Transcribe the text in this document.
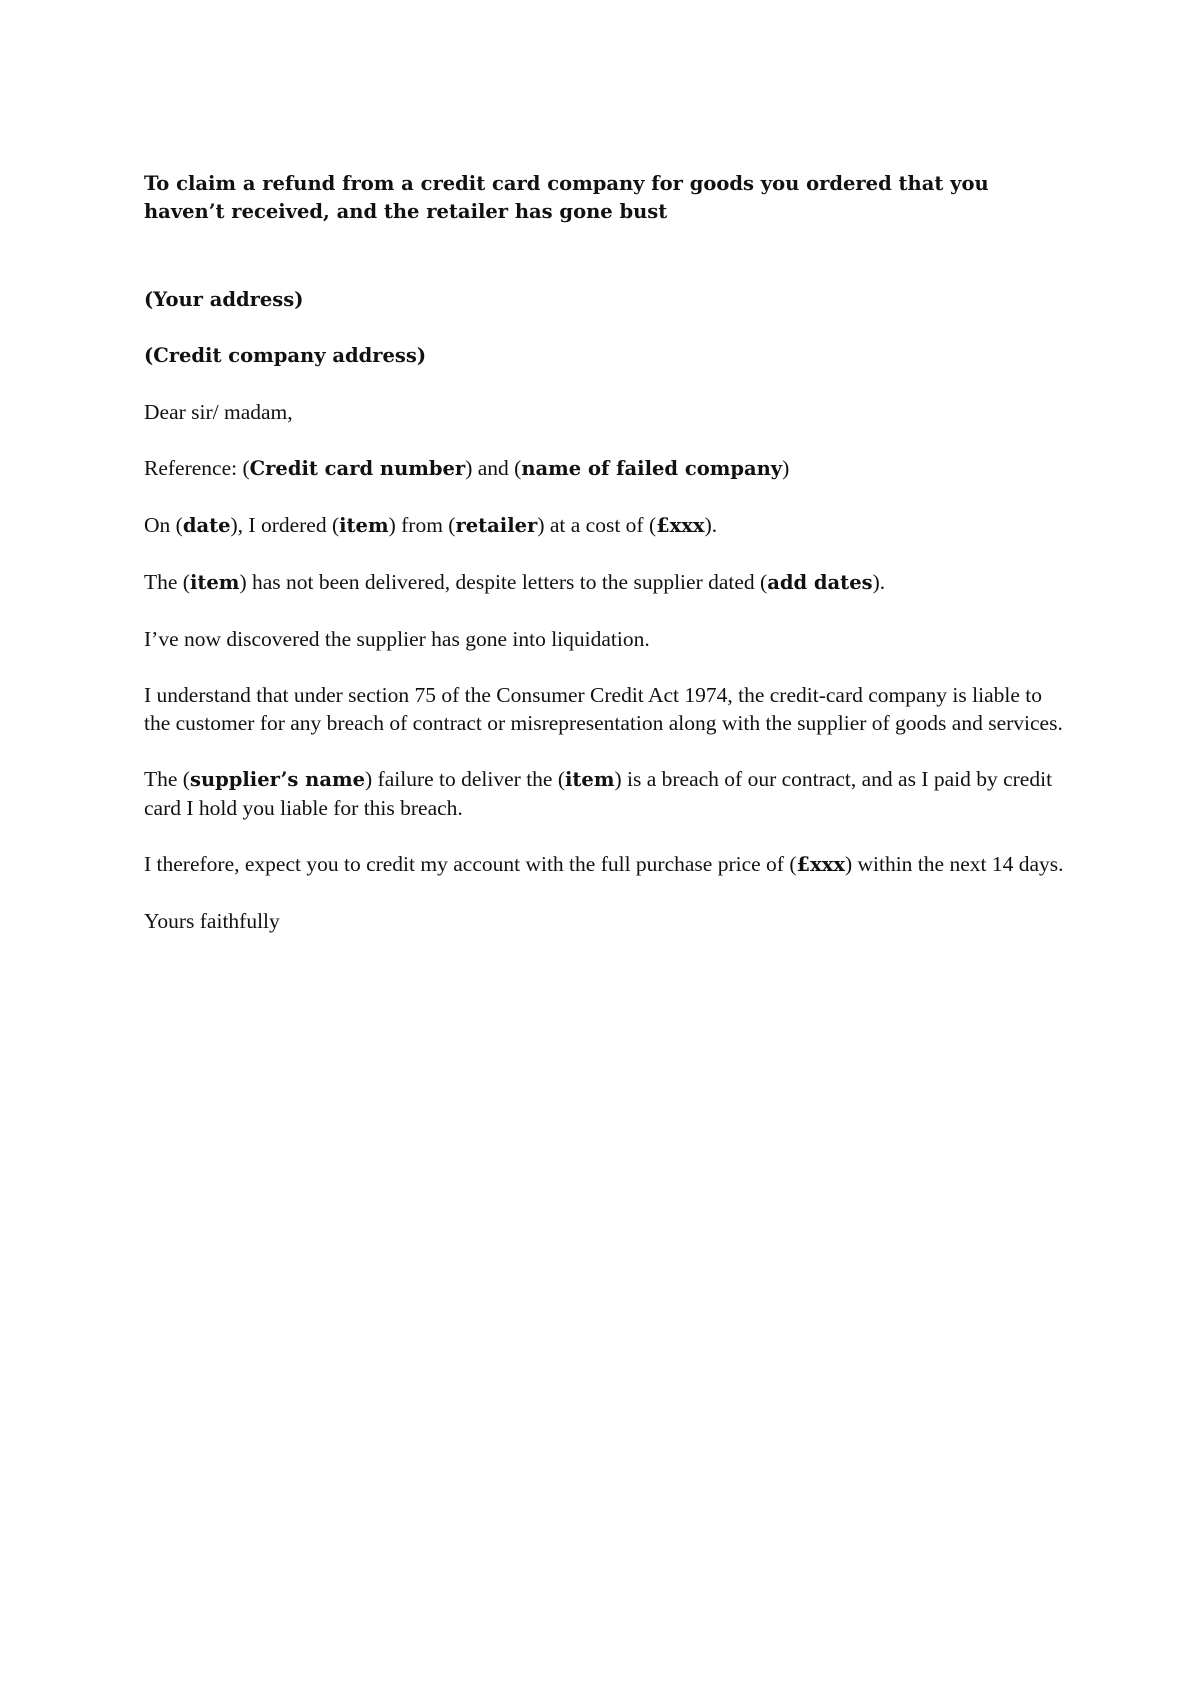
To claim a refund from a credit card company for goods you ordered that you haven’t received, and the retailer has gone bust

(Your address)

(Credit company address)

Dear sir/ madam,

Reference: (Credit card number) and (name of failed company)

On (date), I ordered (item) from (retailer) at a cost of (£xxx).

The (item) has not been delivered, despite letters to the supplier dated (add dates).

I’ve now discovered the supplier has gone into liquidation.

I understand that under section 75 of the Consumer Credit Act 1974, the credit-card company is liable to the customer for any breach of contract or misrepresentation along with the supplier of goods and services.

The (supplier’s name) failure to deliver the (item) is a breach of our contract, and as I paid by credit card I hold you liable for this breach.

I therefore, expect you to credit my account with the full purchase price of (£xxx) within the next 14 days.

Yours faithfully
